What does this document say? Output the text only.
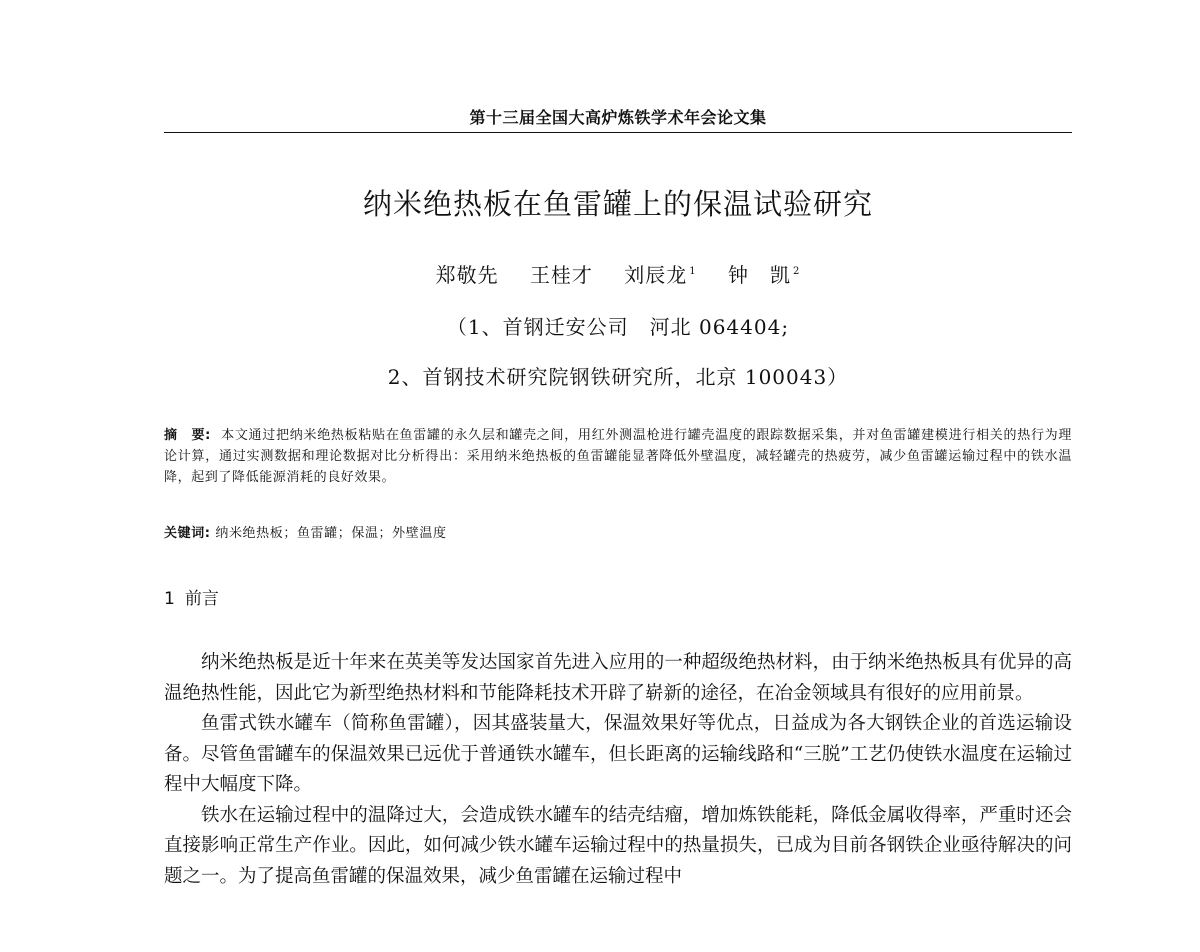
第十三届全国大高炉炼铁学术年会论文集
纳米绝热板在鱼雷罐上的保温试验研究
郑敬先 王桂才 刘辰龙 $^1$ 钟　凯 $^2$
（1、首钢迁安公司　河北 064404;
2、首钢技术研究院钢铁研究所，北京 100043）
摘　要: 本文通过把纳米绝热板粘贴在鱼雷罐的永久层和罐壳之间，用红外测温枪进行罐壳温度的跟踪数据采集，并对鱼雷罐建模进行相关的热行为理论计算，通过实测数据和理论数据对比分析得出：采用纳米绝热板的鱼雷罐能显著降低外壁温度，减轻罐壳的热疲劳，减少鱼雷罐运输过程中的铁水温降，起到了降低能源消耗的良好效果。
关键词: 纳米绝热板；鱼雷罐；保温；外壁温度
1 前言

纳米绝热板是近十年来在英美等发达国家首先进入应用的一种超级绝热材料，由于纳米绝热板具有优异的高温绝热性能，因此它为新型绝热材料和节能降耗技术开辟了崭新的途径，在冶金领域具有很好的应用前景。

鱼雷式铁水罐车（简称鱼雷罐），因其盛装量大，保温效果好等优点，日益成为各大钢铁企业的首选运输设备。尽管鱼雷罐车的保温效果已远优于普通铁水罐车，但长距离的运输线路和“三脱”工艺仍使铁水温度在运输过程中大幅度下降。

铁水在运输过程中的温降过大，会造成铁水罐车的结壳结瘤，增加炼铁能耗，降低金属收得率，严重时还会直接影响正常生产作业。因此，如何减少铁水罐车运输过程中的热量损失，已成为目前各钢铁企业亟待解决的问题之一。为了提高鱼雷罐的保温效果，减少鱼雷罐在运输过程中
